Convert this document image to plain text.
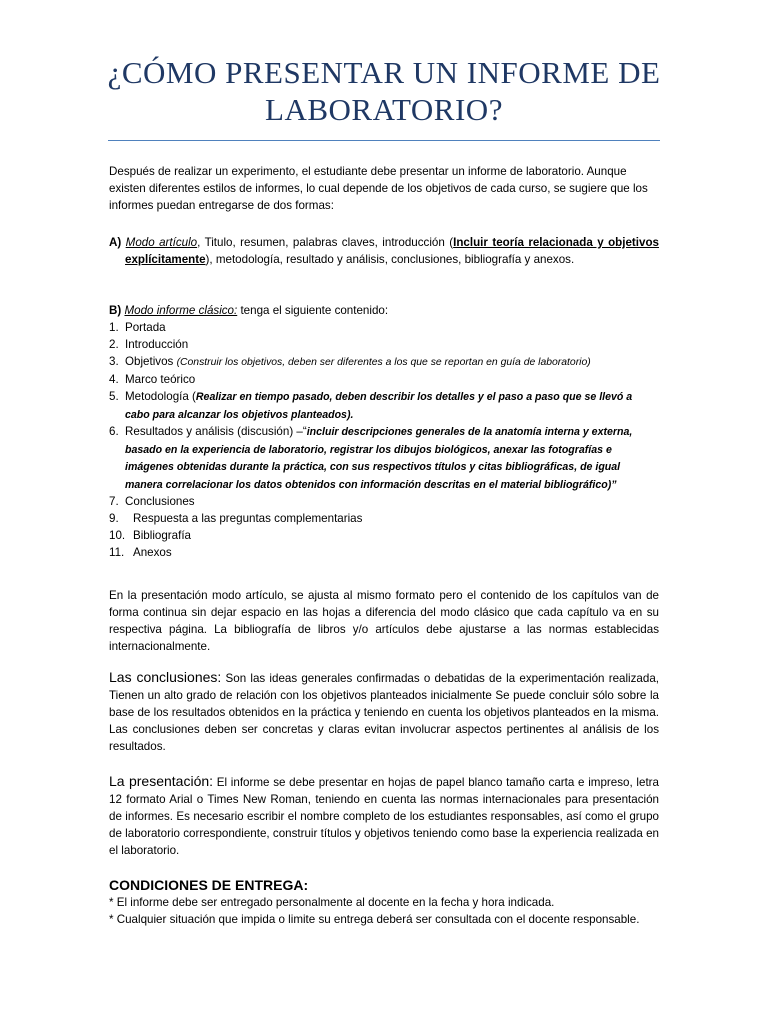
¿CÓMO PRESENTAR UN INFORME DE LABORATORIO?

Después de realizar un experimento, el estudiante debe presentar un informe de laboratorio. Aunque existen diferentes estilos de informes, lo cual depende de los objetivos de cada curso, se sugiere que los informes puedan entregarse de dos formas:

A) Modo artículo, Titulo, resumen, palabras claves, introducción (Incluir teoría relacionada y objetivos explícitamente), metodología, resultado y análisis, conclusiones, bibliografía y anexos.

B) Modo informe clásico: tenga el siguiente contenido:

1. Portada
2. Introducción
3. Objetivos (Construir los objetivos, deben ser diferentes a los que se reportan en guía de laboratorio)
4. Marco teórico
5. Metodología (Realizar en tiempo pasado, deben describir los detalles y el paso a paso que se llevó a cabo para alcanzar los objetivos planteados).
6. Resultados y análisis (discusión) –“incluir descripciones generales de la anatomía interna y externa, basado en la experiencia de laboratorio, registrar los dibujos biológicos, anexar las fotografías e imágenes obtenidas durante la práctica, con sus respectivos títulos y citas bibliográficas, de igual manera correlacionar los datos obtenidos con información descritas en el material bibliográfico)”
7. Conclusiones
9. Respuesta a las preguntas complementarias
10. Bibliografía
11. Anexos

En la presentación modo artículo, se ajusta al mismo formato pero el contenido de los capítulos van de forma continua sin dejar espacio en las hojas a diferencia del modo clásico que cada capítulo va en su respectiva página. La bibliografía de libros y/o artículos debe ajustarse a las normas establecidas internacionalmente.

Las conclusiones: Son las ideas generales confirmadas o debatidas de la experimentación realizada, Tienen un alto grado de relación con los objetivos planteados inicialmente Se puede concluir sólo sobre la base de los resultados obtenidos en la práctica y teniendo en cuenta los objetivos planteados en la misma. Las conclusiones deben ser concretas y claras evitan involucrar aspectos pertinentes al análisis de los resultados.

La presentación: El informe se debe presentar en hojas de papel blanco tamaño carta e impreso, letra 12 formato Arial o Times New Roman, teniendo en cuenta las normas internacionales para presentación de informes. Es necesario escribir el nombre completo de los estudiantes responsables, así como el grupo de laboratorio correspondiente, construir títulos y objetivos teniendo como base la experiencia realizada en el laboratorio.

CONDICIONES DE ENTREGA:

* El informe debe ser entregado personalmente al docente en la fecha y hora indicada.

* Cualquier situación que impida o limite su entrega deberá ser consultada con el docente responsable.
